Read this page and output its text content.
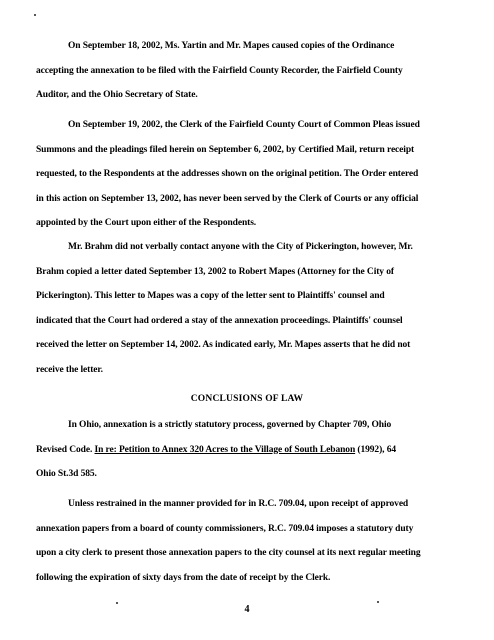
On September 18, 2002, Ms. Yartin and Mr. Mapes caused copies of the Ordinance
accepting the annexation to be filed with the Fairfield County Recorder, the Fairfield County
Auditor, and the Ohio Secretary of State.
On September 19, 2002, the Clerk of the Fairfield County Court of Common Pleas issued
Summons and the pleadings filed herein on September 6, 2002, by Certified Mail, return receipt
requested, to the Respondents at the addresses shown on the original petition. The Order entered
in this action on September 13, 2002, has never been served by the Clerk of Courts or any official
appointed by the Court upon either of the Respondents.
Mr. Brahm did not verbally contact anyone with the City of Pickerington, however, Mr.
Brahm copied a letter dated September 13, 2002 to Robert Mapes (Attorney for the City of
Pickerington). This letter to Mapes was a copy of the letter sent to Plaintiffs' counsel and
indicated that the Court had ordered a stay of the annexation proceedings. Plaintiffs' counsel
received the letter on September 14, 2002. As indicated early, Mr. Mapes asserts that he did not
receive the letter.
CONCLUSIONS OF LAW
In Ohio, annexation is a strictly statutory process, governed by Chapter 709, Ohio
Revised Code. In re: Petition to Annex 320 Acres to the Village of South Lebanon (1992), 64
Ohio St.3d 585.
Unless restrained in the manner provided for in R.C. 709.04, upon receipt of approved
annexation papers from a board of county commissioners, R.C. 709.04 imposes a statutory duty
upon a city clerk to present those annexation papers to the city counsel at its next regular meeting
following the expiration of sixty days from the date of receipt by the Clerk.
4
